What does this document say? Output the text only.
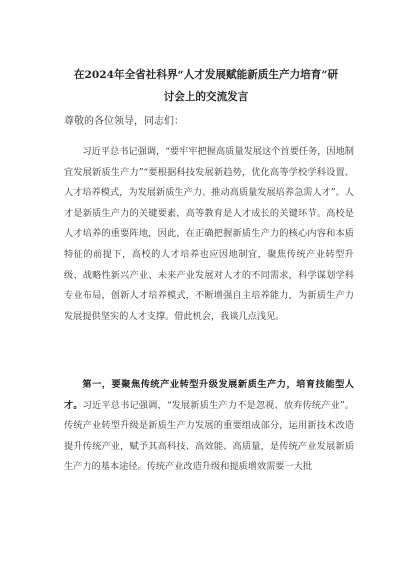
在2024年全省社科界“人才发展赋能新质生产力培育”研
讨会上的交流发言

尊敬的各位领导，同志们：

习近平总书记强调，“要牢牢把握高质量发展这个首要任务，因地制宜发展新质生产力”“要根据科技发展新趋势，优化高等学校学科设置、人才培养模式，为发展新质生产力、推动高质量发展培养急需人才”。人才是新质生产力的关键要素，高等教育是人才成长的关键环节。高校是人才培养的重要阵地，因此，在正确把握新质生产力的核心内容和本质特征的前提下，高校的人才培养也应因地制宜，聚焦传统产业转型升级、战略性新兴产业、未来产业发展对人才的不同需求，科学谋划学科专业布局，创新人才培养模式，不断增强自主培养能力，为新质生产力发展提供坚实的人才支撑。借此机会，我谈几点浅见。

第一，要聚焦传统产业转型升级发展新质生产力，培育技能型人才。习近平总书记强调，“发展新质生产力不是忽视、放弃传统产业”。传统产业转型升级是新质生产力发展的重要组成部分，运用新技术改造提升传统产业，赋予其高科技、高效能、高质量，是传统产业发展新质生产力的基本途径。传统产业改造升级和提质增效需要一大批
